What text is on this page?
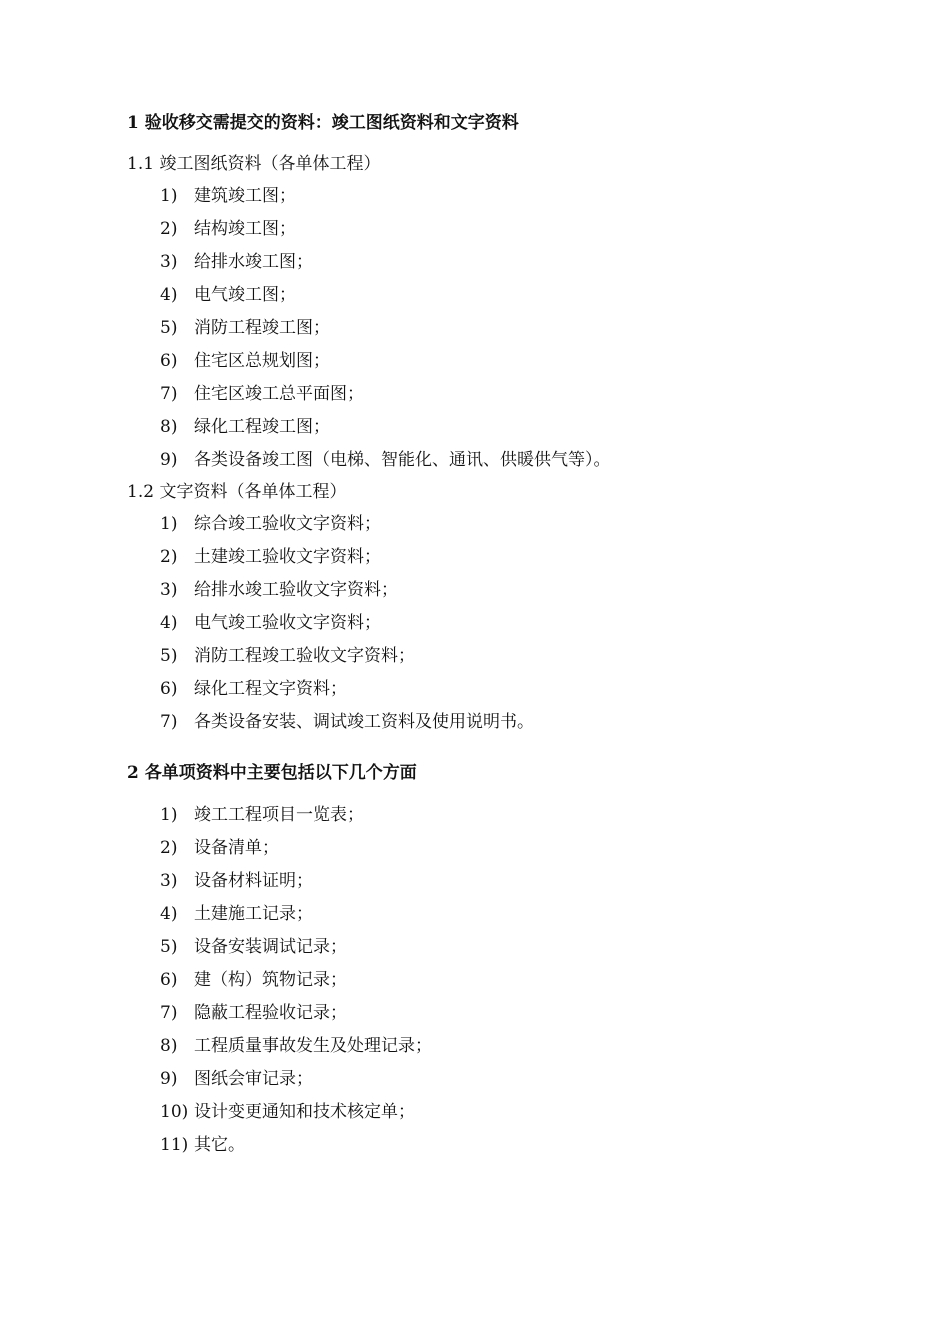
1 验收移交需提交的资料：竣工图纸资料和文字资料
1.1 竣工图纸资料（各单体工程）
1) 建筑竣工图；
2) 结构竣工图；
3) 给排水竣工图；
4) 电气竣工图；
5) 消防工程竣工图；
6) 住宅区总规划图；
7) 住宅区竣工总平面图；
8) 绿化工程竣工图；
9) 各类设备竣工图（电梯、智能化、通讯、供暖供气等）。
1.2 文字资料（各单体工程）
1) 综合竣工验收文字资料；
2) 土建竣工验收文字资料；
3) 给排水竣工验收文字资料；
4) 电气竣工验收文字资料；
5) 消防工程竣工验收文字资料；
6) 绿化工程文字资料；
7) 各类设备安装、调试竣工资料及使用说明书。
2 各单项资料中主要包括以下几个方面
1) 竣工工程项目一览表；
2) 设备清单；
3) 设备材料证明；
4) 土建施工记录；
5) 设备安装调试记录；
6) 建（构）筑物记录；
7) 隐蔽工程验收记录；
8) 工程质量事故发生及处理记录；
9) 图纸会审记录；
10) 设计变更通知和技术核定单；
11) 其它。
